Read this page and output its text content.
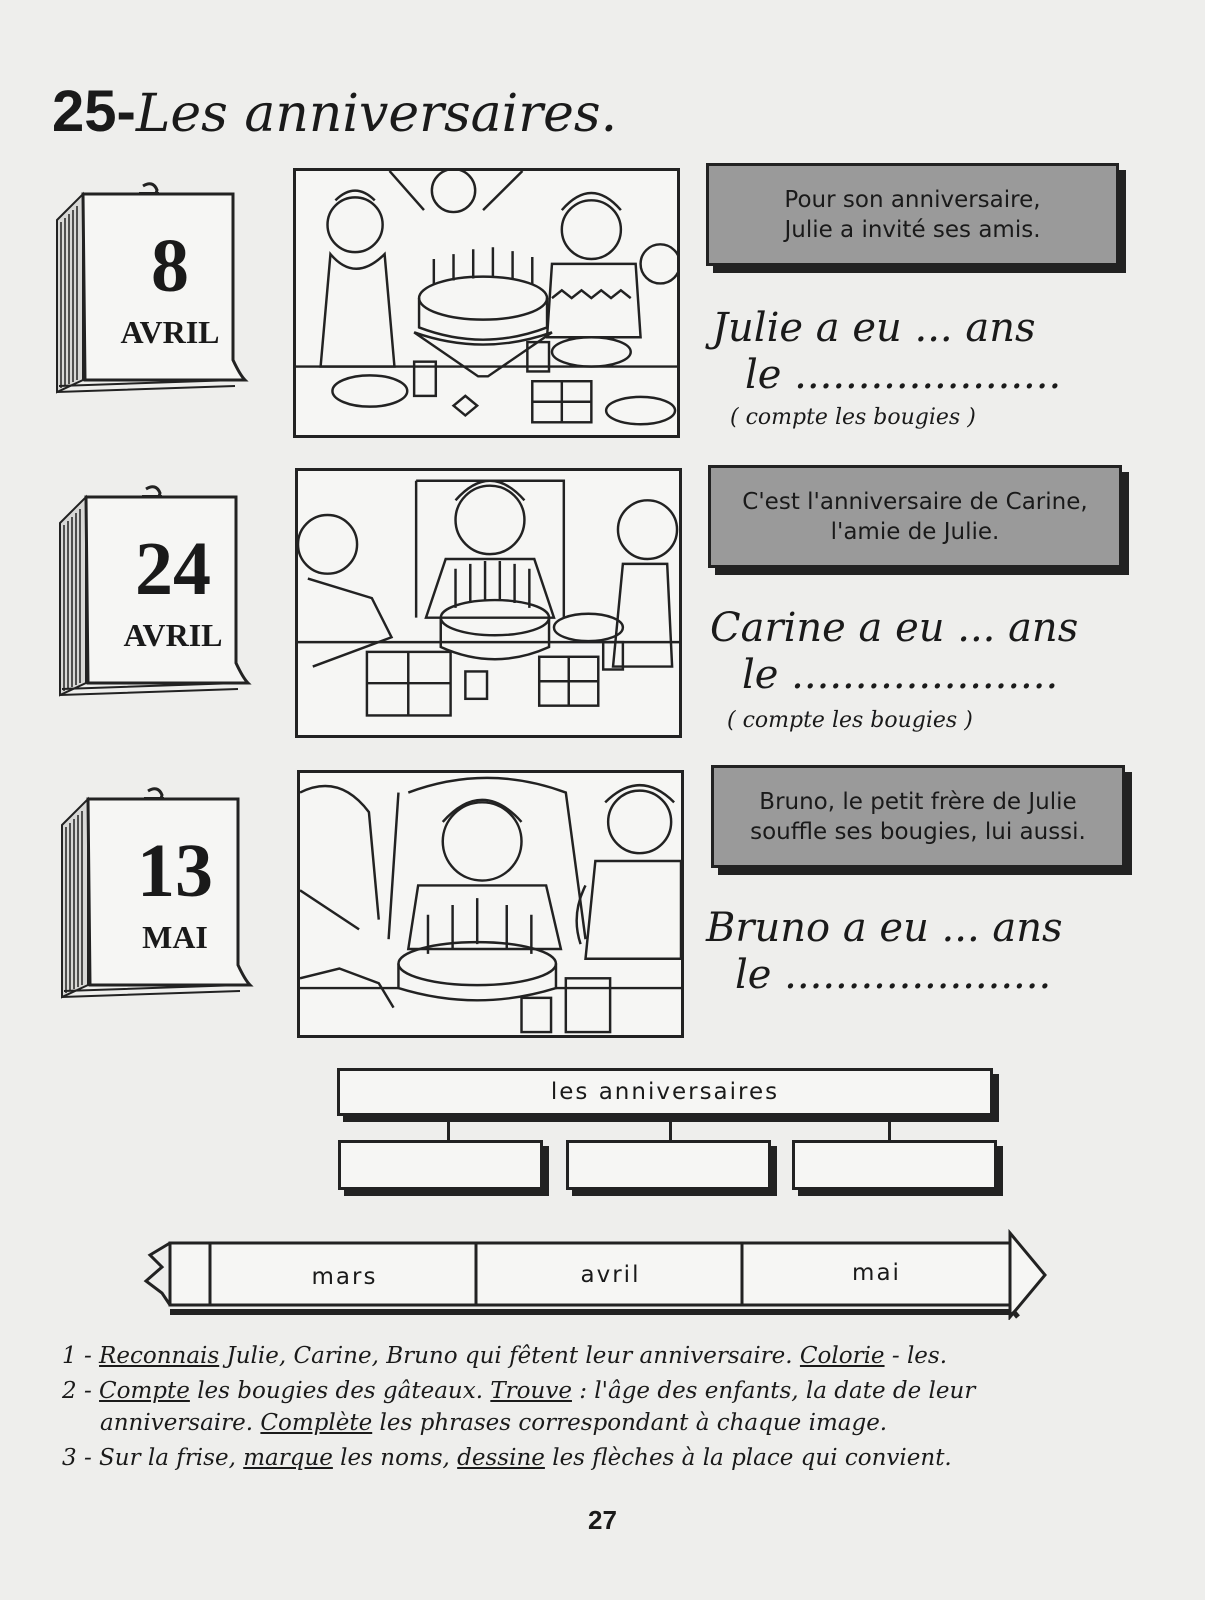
25-Les anniversaires.
8
AVRIL
Pour son anniversaire,
Julie a invité ses amis.
Julie a eu ... ans
le .....................
( compte les bougies )
24
AVRIL
C'est l'anniversaire de Carine,
l'amie de Julie.
Carine a eu ... ans
le .....................
( compte les bougies )
13
MAI
Bruno, le petit frère de Julie
souffle ses bougies, lui aussi.
Bruno a eu ... ans
le .....................
les anniversaires
mars	avril	mai
1 - Reconnais Julie, Carine, Bruno qui fêtent leur anniversaire. Colorie - les.
2 - Compte les bougies des gâteaux. Trouve : l'âge des enfants, la date de leur
anniversaire. Complète les phrases correspondant à chaque image.
3 - Sur la frise, marque les noms, dessine les flèches à la place qui convient.
27
